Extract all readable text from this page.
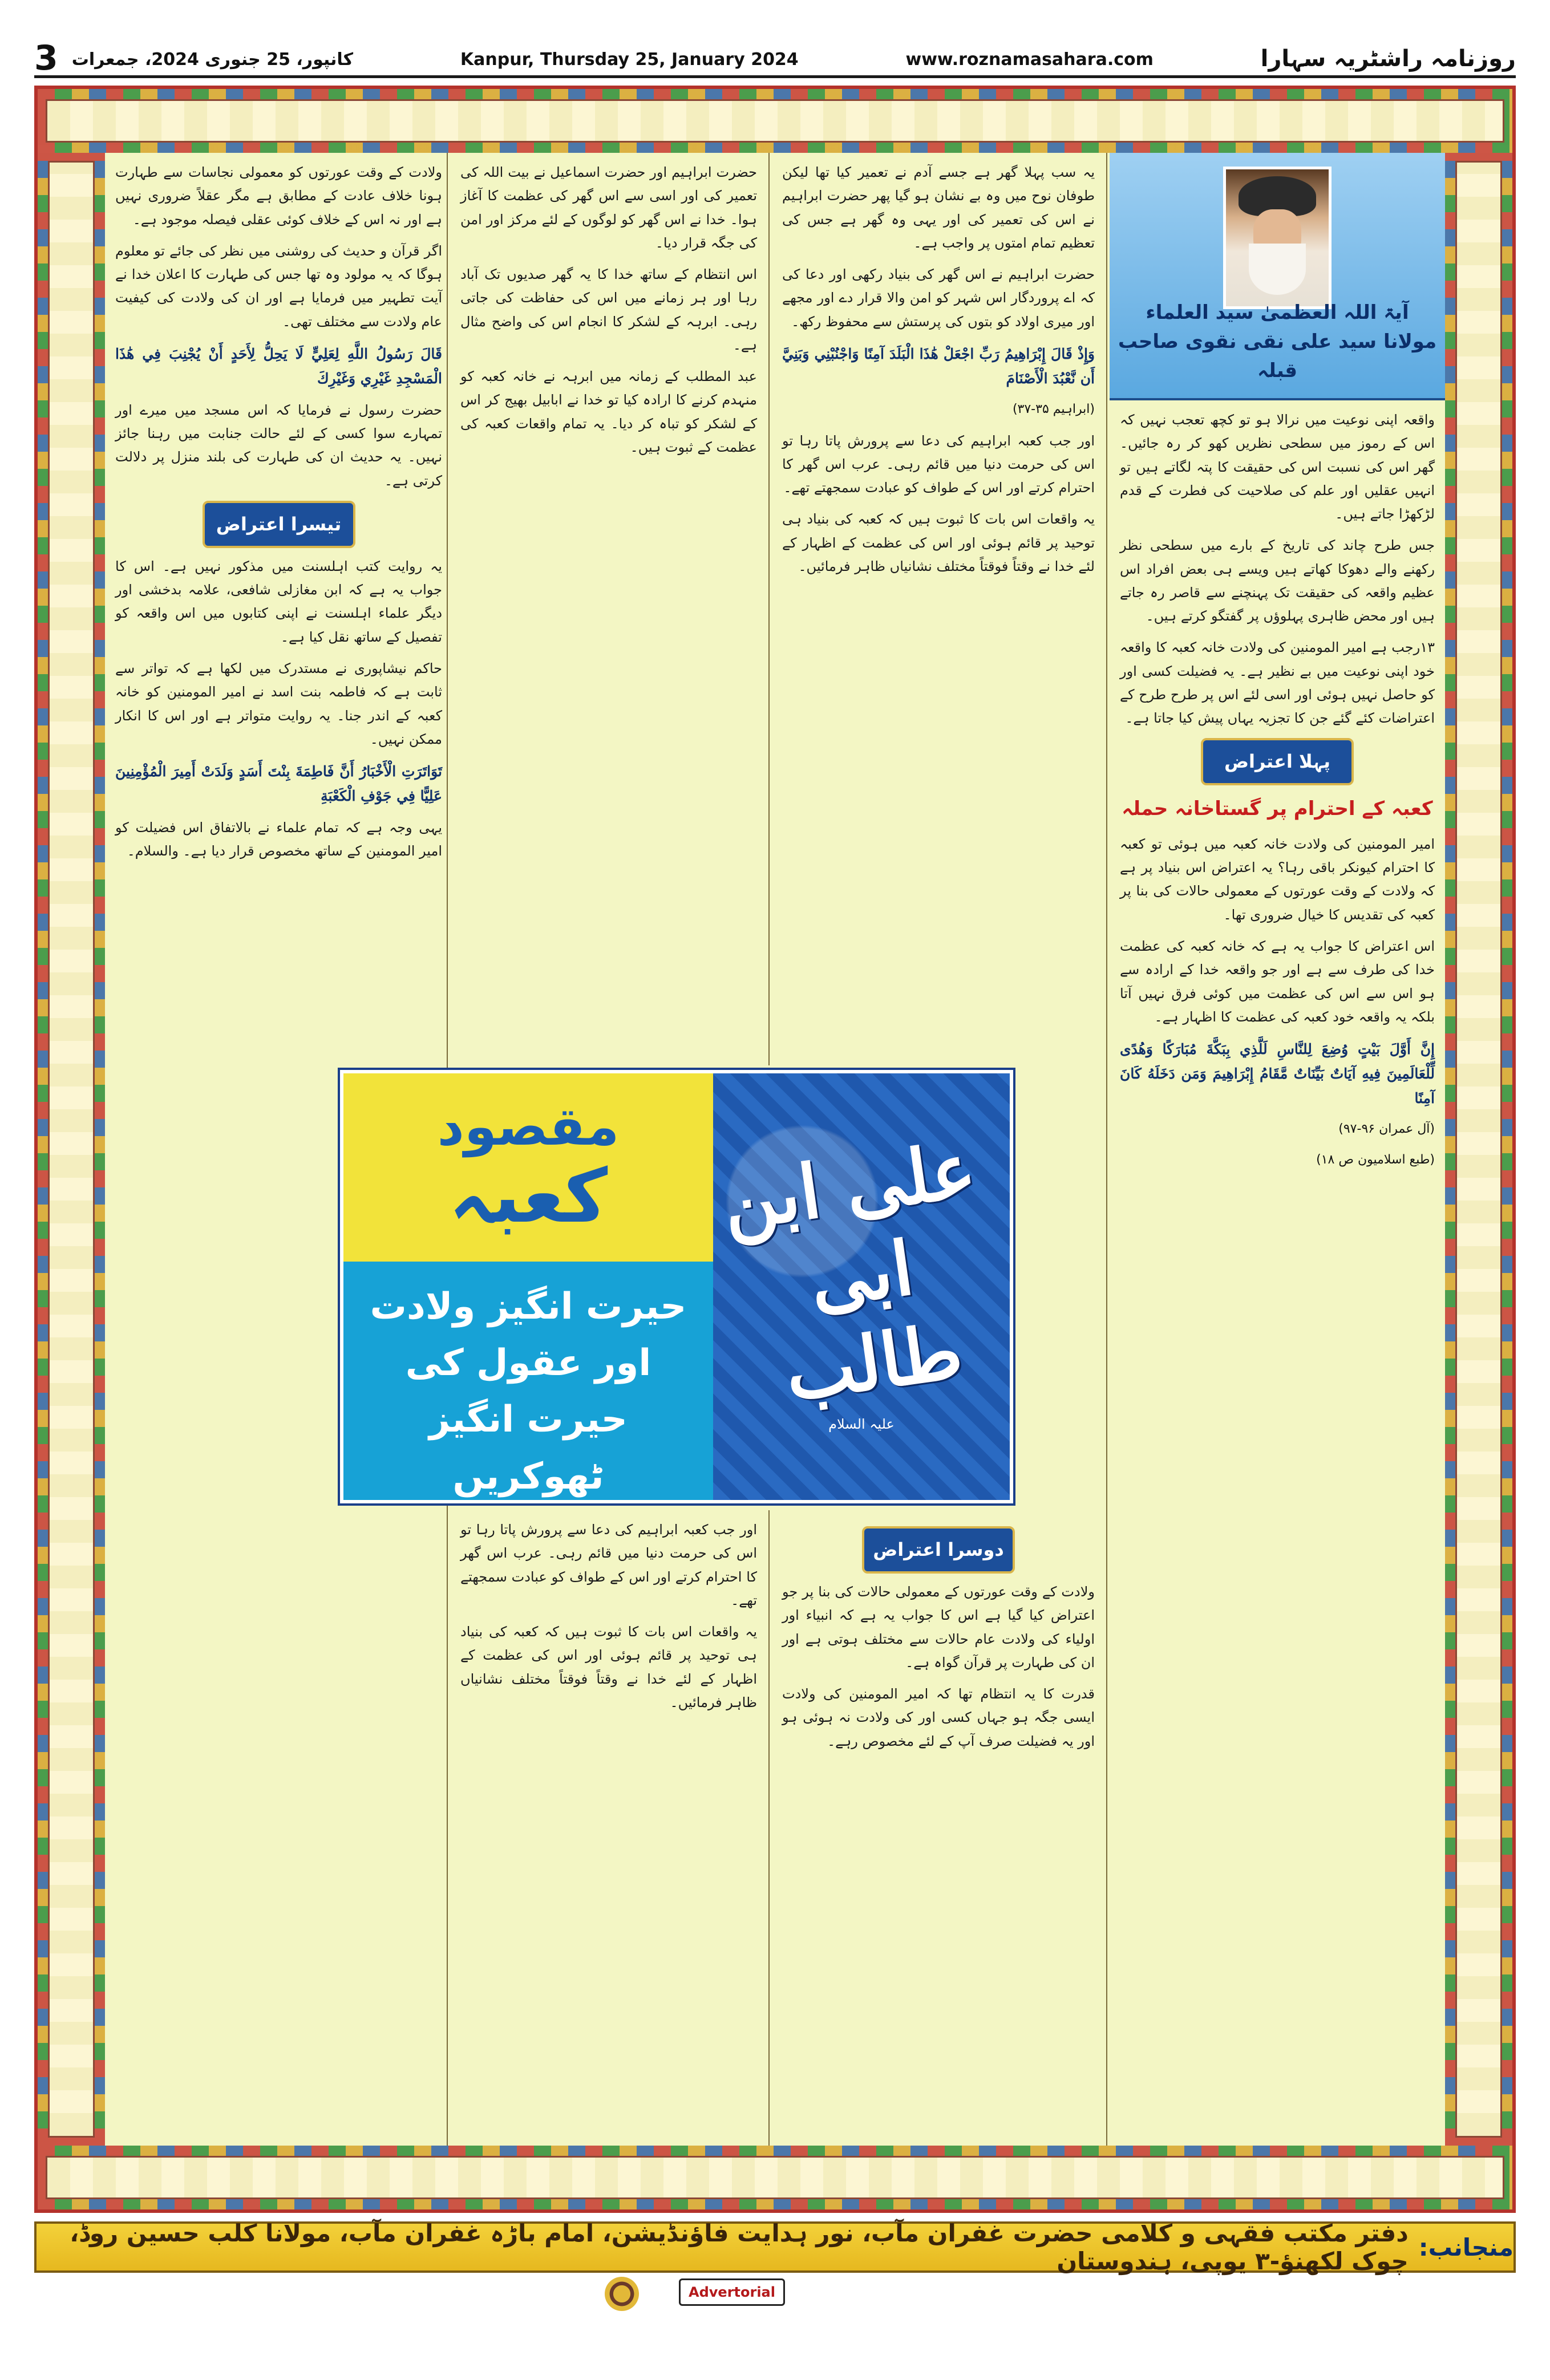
3 کانپور، 25 جنوری 2024، جمعرات	Kanpur, Thursday 25, January 2024	www.roznamasahara.com	روزنامہ راشٹریہ سہارا
آیۃ اللہ العظمیٰ سید العلماء مولانا سید علی نقی نقوی صاحب قبلہ

واقعہ اپنی نوعیت میں نرالا ہو تو کچھ تعجب نہیں کہ اس کے رموز میں سطحی نظریں کھو کر رہ جائیں۔ گھر اس کی نسبت اس کی حقیقت کا پتہ لگاتے ہیں تو انہیں عقلیں اور علم کی صلاحیت کی فطرت کے قدم لڑکھڑا جاتے ہیں۔

جس طرح چاند کی تاریخ کے بارے میں سطحی نظر رکھنے والے دھوکا کھاتے ہیں ویسے ہی بعض افراد اس عظیم واقعہ کی حقیقت تک پہنچنے سے قاصر رہ جاتے ہیں اور محض ظاہری پہلوؤں پر گفتگو کرتے ہیں۔

۱۳رجب ہے امیر المومنین کی ولادت خانہ کعبہ کا واقعہ خود اپنی نوعیت میں بے نظیر ہے۔ یہ فضیلت کسی اور کو حاصل نہیں ہوئی اور اسی لئے اس پر طرح طرح کے اعتراضات کئے گئے جن کا تجزیہ یہاں پیش کیا جاتا ہے۔

پہلا اعتراض
کعبہ کے احترام پر گستاخانہ حملہ

امیر المومنین کی ولادت خانہ کعبہ میں ہوئی تو کعبہ کا احترام کیونکر باقی رہا؟ یہ اعتراض اس بنیاد پر ہے کہ ولادت کے وقت عورتوں کے معمولی حالات کی بنا پر کعبہ کی تقدیس کا خیال ضروری تھا۔

اس اعتراض کا جواب یہ ہے کہ خانہ کعبہ کی عظمت خدا کی طرف سے ہے اور جو واقعہ خدا کے ارادہ سے ہو اس سے اس کی عظمت میں کوئی فرق نہیں آتا بلکہ یہ واقعہ خود کعبہ کی عظمت کا اظہار ہے۔

إِنَّ أَوَّلَ بَيْتٍ وُضِعَ لِلنَّاسِ لَلَّذِي بِبَكَّةَ مُبَارَكًا وَهُدًى لِّلْعَالَمِينَ فِيهِ آيَاتٌ بَيِّنَاتٌ مَّقَامُ إِبْرَاهِيمَ وَمَن دَخَلَهُ كَانَ آمِنًا

(آل عمران ۹۶-۹۷)
(طبع اسلامیون ص ۱۸)

یہ سب پہلا گھر ہے جسے آدم نے تعمیر کیا تھا لیکن طوفان نوح میں وہ بے نشان ہو گیا پھر حضرت ابراہیم نے اس کی تعمیر کی اور یہی وہ گھر ہے جس کی تعظیم تمام امتوں پر واجب ہے۔

حضرت ابراہیم نے اس گھر کی بنیاد رکھی اور دعا کی کہ اے پروردگار اس شہر کو امن والا قرار دے اور مجھے اور میری اولاد کو بتوں کی پرستش سے محفوظ رکھ۔

وَإِذْ قَالَ إِبْرَاهِيمُ رَبِّ اجْعَلْ هَٰذَا الْبَلَدَ آمِنًا وَاجْنُبْنِي وَبَنِيَّ أَن نَّعْبُدَ الْأَصْنَامَ

(ابراہیم ۳۵-۳۷)

اور جب کعبہ ابراہیم کی دعا سے پرورش پاتا رہا تو اس کی حرمت دنیا میں قائم رہی۔ عرب اس گھر کا احترام کرتے اور اس کے طواف کو عبادت سمجھتے تھے۔

یہ واقعات اس بات کا ثبوت ہیں کہ کعبہ کی بنیاد ہی توحید پر قائم ہوئی اور اس کی عظمت کے اظہار کے لئے خدا نے وقتاً فوقتاً مختلف نشانیاں ظاہر فرمائیں۔

حضرت ابراہیم اور حضرت اسماعیل نے بیت اللہ کی تعمیر کی اور اسی سے اس گھر کی عظمت کا آغاز ہوا۔ خدا نے اس گھر کو لوگوں کے لئے مرکز اور امن کی جگہ قرار دیا۔

اس انتظام کے ساتھ خدا کا یہ گھر صدیوں تک آباد رہا اور ہر زمانے میں اس کی حفاظت کی جاتی رہی۔ ابرہہ کے لشکر کا انجام اس کی واضح مثال ہے۔

عبد المطلب کے زمانہ میں ابرہہ نے خانہ کعبہ کو منہدم کرنے کا ارادہ کیا تو خدا نے ابابیل بھیج کر اس کے لشکر کو تباہ کر دیا۔ یہ تمام واقعات کعبہ کی عظمت کے ثبوت ہیں۔

دوسرا اعتراض

ولادت کے وقت عورتوں کے معمولی حالات کی بنا پر جو اعتراض کیا گیا ہے اس کا جواب یہ ہے کہ انبیاء اور اولیاء کی ولادت عام حالات سے مختلف ہوتی ہے اور ان کی طہارت پر قرآن گواہ ہے۔

قدرت کا یہ انتظام تھا کہ امیر المومنین کی ولادت ایسی جگہ ہو جہاں کسی اور کی ولادت نہ ہوئی ہو اور یہ فضیلت صرف آپ کے لئے مخصوص رہے۔

اور جب کعبہ ابراہیم کی دعا سے پرورش پاتا رہا تو اس کی حرمت دنیا میں قائم رہی۔ عرب اس گھر کا احترام کرتے اور اس کے طواف کو عبادت سمجھتے تھے۔

یہ واقعات اس بات کا ثبوت ہیں کہ کعبہ کی بنیاد ہی توحید پر قائم ہوئی اور اس کی عظمت کے اظہار کے لئے خدا نے وقتاً فوقتاً مختلف نشانیاں ظاہر فرمائیں۔

ولادت کے وقت عورتوں کو معمولی نجاسات سے طہارت ہونا خلاف عادت کے مطابق ہے مگر عقلاً ضروری نہیں ہے اور نہ اس کے خلاف کوئی عقلی فیصلہ موجود ہے۔

اگر قرآن و حدیث کی روشنی میں نظر کی جائے تو معلوم ہوگا کہ یہ مولود وہ تھا جس کی طہارت کا اعلان خدا نے آیت تطہیر میں فرمایا ہے اور ان کی ولادت کی کیفیت عام ولادت سے مختلف تھی۔

قَالَ رَسُولُ اللَّهِ لِعَلِيٍّ لَا يَحِلُّ لِأَحَدٍ أَنْ يُجْنِبَ فِي هَٰذَا الْمَسْجِدِ غَيْرِي وَغَيْرِكَ

حضرت رسول نے فرمایا کہ اس مسجد میں میرے اور تمہارے سوا کسی کے لئے حالت جنابت میں رہنا جائز نہیں۔ یہ حدیث ان کی طہارت کی بلند منزل پر دلالت کرتی ہے۔

تیسرا اعتراض

یہ روایت کتب اہلسنت میں مذکور نہیں ہے۔ اس کا جواب یہ ہے کہ ابن مغازلی شافعی، علامہ بدخشی اور دیگر علماء اہلسنت نے اپنی کتابوں میں اس واقعہ کو تفصیل کے ساتھ نقل کیا ہے۔

حاکم نیشاپوری نے مستدرک میں لکھا ہے کہ تواتر سے ثابت ہے کہ فاطمہ بنت اسد نے امیر المومنین کو خانہ کعبہ کے اندر جنا۔ یہ روایت متواتر ہے اور اس کا انکار ممکن نہیں۔

تَوَاتَرَتِ الْأَخْبَارُ أَنَّ فَاطِمَةَ بِنْتَ أَسَدٍ وَلَدَتْ أَمِيرَ الْمُؤْمِنِينَ عَلِيًّا فِي جَوْفِ الْكَعْبَةِ

یہی وجہ ہے کہ تمام علماء نے بالاتفاق اس فضیلت کو امیر المومنین کے ساتھ مخصوص قرار دیا ہے۔ والسلام۔

مقصود
کعبہ
حیرت انگیز ولادت اور عقول کی
حیرت انگیز ٹھوکریں
علی ابن ابی طالب
علیہ السلام
منجانب:
دفتر مکتب فقہی و کلامی حضرت غفران مآب، نور ہدایت فاؤنڈیشن، امام باڑہ غفران مآب، مولانا کلب حسین روڈ، چوک لکھنؤ-۳ یوپی، ہندوستان
Advertorial
